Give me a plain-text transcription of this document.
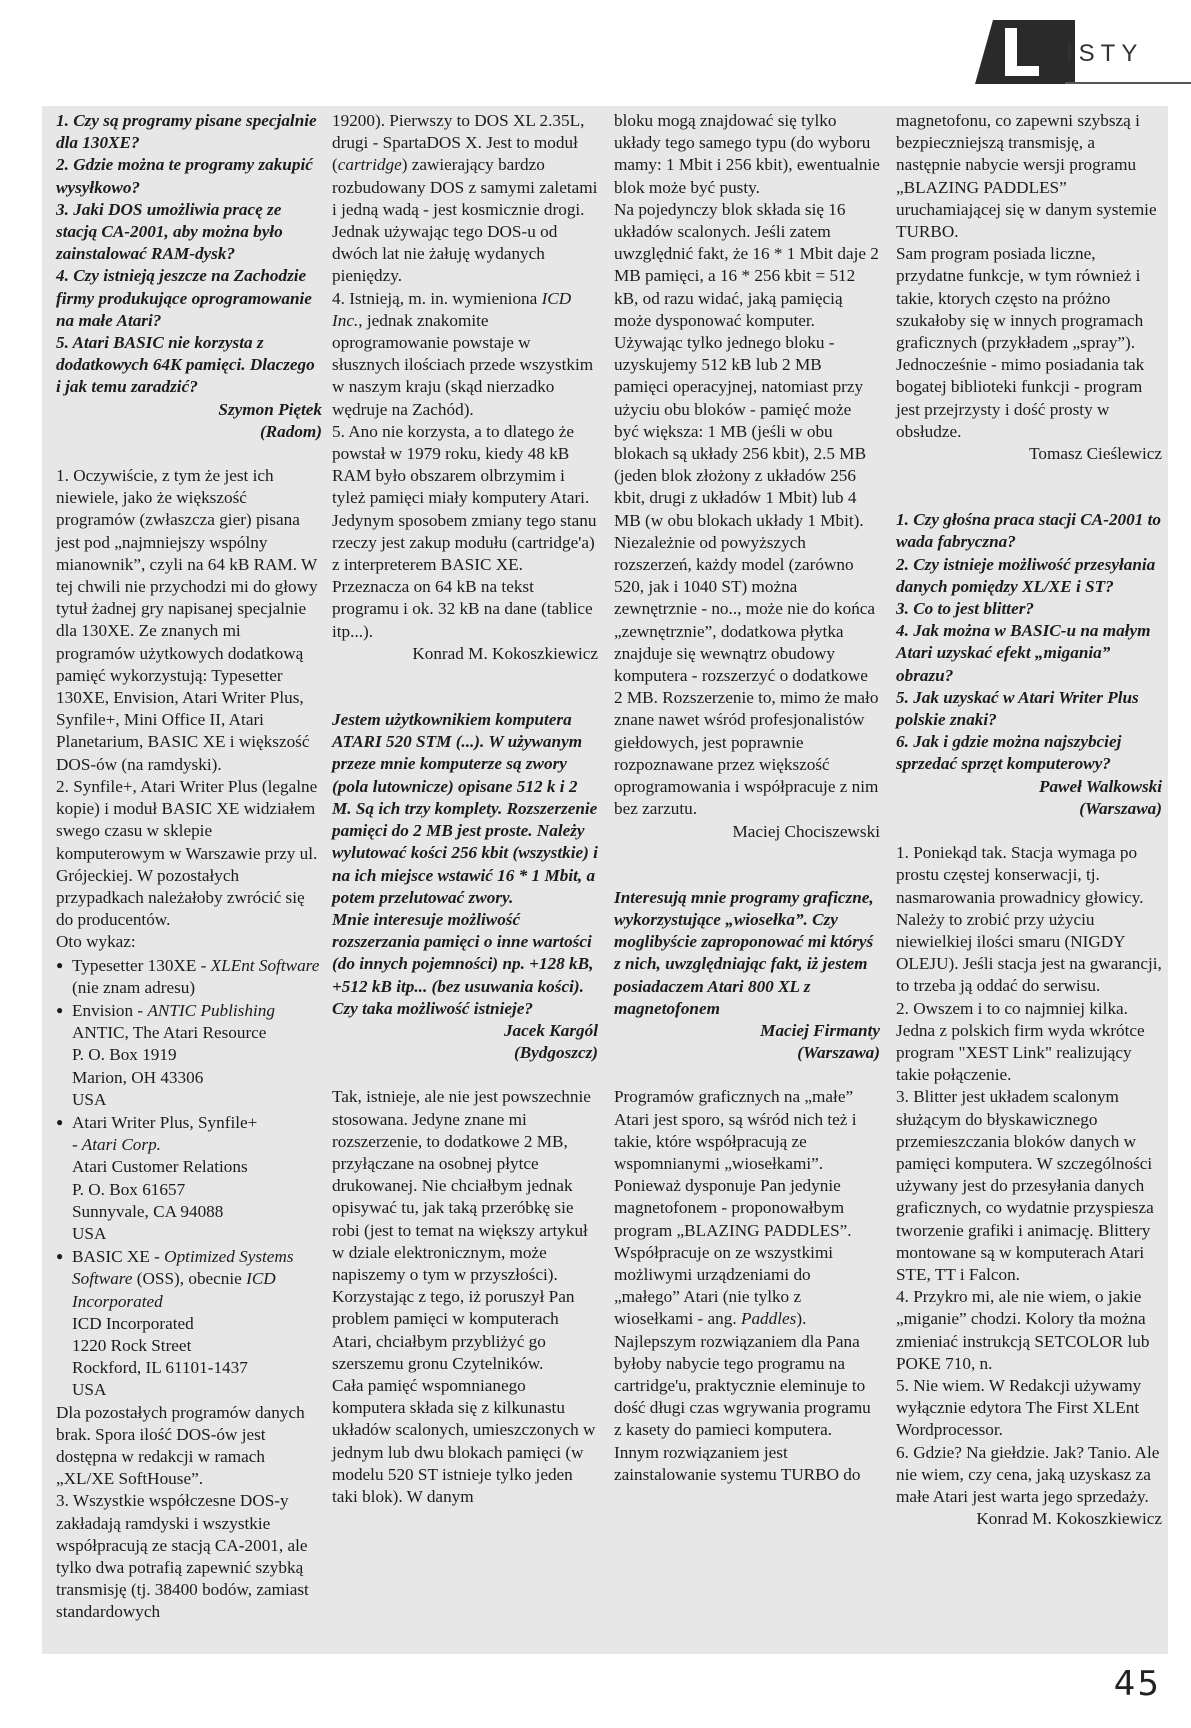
ISTY

1. Czy są programy pisane specjalnie dla 130XE?

2. Gdzie można te programy zakupić wysyłkowo?

3. Jaki DOS umożliwia pracę ze stacją CA-2001, aby można było zainstalować RAM-dysk?

4. Czy istnieją jeszcze na Zachodzie firmy produkujące oprogramowanie na małe Atari?

5. Atari BASIC nie korzysta z dodatkowych 64K pamięci. Dlaczego i jak temu zaradzić?

Szymon Piętek

(Radom)

1. Oczywiście, z tym że jest ich niewiele, jako że większość programów (zwłaszcza gier) pisana jest pod „najmniejszy wspólny mianownik”, czyli na 64 kB RAM. W tej chwili nie przychodzi mi do głowy tytuł żadnej gry napisanej specjalnie dla 130XE. Ze znanych mi programów użytkowych dodatkową pamięć wykorzystują: Typesetter 130XE, Envision, Atari Writer Plus, Synfile+, Mini Office II, Atari Planetarium, BASIC XE i większość DOS-ów (na ramdyski).

2. Synfile+, Atari Writer Plus (legalne kopie) i moduł BASIC XE widziałem swego czasu w sklepie komputerowym w Warszawie przy ul. Grójeckiej. W pozostałych przypadkach należałoby zwrócić się do producentów.

Oto wykaz:

● Typesetter 130XE - XLEnt Software (nie znam adresu)

● Envision - ANTIC Publishing

ANTIC, The Atari Resource

P. O. Box 1919

Marion, OH 43306

USA

● Atari Writer Plus, Synfile+

- Atari Corp.

Atari Customer Relations

P. O. Box 61657

Sunnyvale, CA 94088

USA

● BASIC XE - Optimized Systems Software (OSS), obecnie ICD Incorporated

ICD Incorporated

1220 Rock Street

Rockford, IL 61101-1437

USA

Dla pozostałych programów danych brak. Spora ilość DOS-ów jest dostępna w redakcji w ramach „XL/XE SoftHouse”.

3. Wszystkie współczesne DOS-y zakładają ramdyski i wszystkie współpracują ze stacją CA-2001, ale tylko dwa potrafią zapewnić szybką transmisję (tj. 38400 bodów, zamiast standardowych

19200). Pierwszy to DOS XL 2.35L, drugi - SpartaDOS X. Jest to moduł (cartridge) zawierający bardzo rozbudowany DOS z samymi zaletami i jedną wadą - jest kosmicznie drogi. Jednak używając tego DOS-u od dwóch lat nie żałuję wydanych pieniędzy.

4. Istnieją, m. in. wymieniona ICD Inc., jednak znakomite oprogramowanie powstaje w słusznych ilościach przede wszystkim w naszym kraju (skąd nierzadko wędruje na Zachód).

5. Ano nie korzysta, a to dlatego że powstał w 1979 roku, kiedy 48 kB RAM było obszarem olbrzymim i tyleż pamięci miały komputery Atari. Jedynym sposobem zmiany tego stanu rzeczy jest zakup modułu (cartridge'a) z interpreterem BASIC XE. Przeznacza on 64 kB na tekst programu i ok. 32 kB na dane (tablice itp...).

Konrad M. Kokoszkiewicz

Jestem użytkownikiem komputera ATARI 520 STM (...). W używanym przeze mnie komputerze są zwory (pola lutownicze) opisane 512 k i 2 M. Są ich trzy komplety. Rozszerzenie pamięci do 2 MB jest proste. Należy wylutować kości 256 kbit (wszystkie) i na ich miejsce wstawić 16 * 1 Mbit, a potem przelutować zwory.

Mnie interesuje możliwość rozszerzania pamięci o inne wartości (do innych pojemności) np. +128 kB, +512 kB itp... (bez usuwania kości). Czy taka możliwość istnieje?

Jacek Kargól

(Bydgoszcz)

Tak, istnieje, ale nie jest powszechnie stosowana. Jedyne znane mi rozszerzenie, to dodatkowe 2 MB, przyłączane na osobnej płytce drukowanej. Nie chciałbym jednak opisywać tu, jak taką przeróbkę sie robi (jest to temat na większy artykuł w dziale elektronicznym, może napiszemy o tym w przyszłości). Korzystając z tego, iż poruszył Pan problem pamięci w komputerach Atari, chciałbym przybliżyć go szerszemu gronu Czytelników.

Cała pamięć wspomnianego komputera składa się z kilkunastu układów scalonych, umieszczonych w jednym lub dwu blokach pamięci (w modelu 520 ST istnieje tylko jeden taki blok). W danym

bloku mogą znajdować się tylko układy tego samego typu (do wyboru mamy: 1 Mbit i 256 kbit), ewentualnie blok może być pusty.

Na pojedynczy blok składa się 16 układów scalonych. Jeśli zatem uwzględnić fakt, że 16 * 1 Mbit daje 2 MB pamięci, a 16 * 256 kbit = 512 kB, od razu widać, jaką pamięcią może dysponować komputer. Używając tylko jednego bloku - uzyskujemy 512 kB lub 2 MB pamięci operacyjnej, natomiast przy użyciu obu bloków - pamięć może być większa: 1 MB (jeśli w obu blokach są układy 256 kbit), 2.5 MB (jeden blok złożony z układów 256 kbit, drugi z układów 1 Mbit) lub 4 MB (w obu blokach układy 1 Mbit).

Niezależnie od powyższych rozszerzeń, każdy model (zarówno 520, jak i 1040 ST) można zewnętrznie - no.., może nie do końca „zewnętrznie”, dodatkowa płytka znajduje się wewnątrz obudowy komputera - rozszerzyć o dodatkowe 2 MB. Rozszerzenie to, mimo że mało znane nawet wśród profesjonalistów giełdowych, jest poprawnie rozpoznawane przez większość oprogramowania i współpracuje z nim bez zarzutu.

Maciej Chociszewski

Interesują mnie programy graficzne, wykorzystujące „wiosełka”. Czy moglibyście zaproponować mi któryś z nich, uwzględniając fakt, iż jestem posiadaczem Atari 800 XL z magnetofonem

Maciej Firmanty

(Warszawa)

Programów graficznych na „małe” Atari jest sporo, są wśród nich też i takie, które współpracują ze wspomnianymi „wiosełkami”. Ponieważ dysponuje Pan jedynie magnetofonem - proponowałbym program „BLAZING PADDLES”. Współpracuje on ze wszystkimi możliwymi urządzeniami do „małego” Atari (nie tylko z wiosełkami - ang. Paddles).

Najlepszym rozwiązaniem dla Pana byłoby nabycie tego programu na cartridge'u, praktycznie eleminuje to dość długi czas wgrywania programu z kasety do pamieci komputera.

Innym rozwiązaniem jest zainstalowanie systemu TURBO do

magnetofonu, co zapewni szybszą i bezpieczniejszą transmisję, a następnie nabycie wersji programu „BLAZING PADDLES” uruchamiającej się w danym systemie TURBO.

Sam program posiada liczne, przydatne funkcje, w tym również i takie, ktorych często na próżno szukałoby się w innych programach graficznych (przykładem „spray”). Jednocześnie - mimo posiadania tak bogatej biblioteki funkcji - program jest przejrzysty i dość prosty w obsłudze.

Tomasz Cieślewicz

1. Czy głośna praca stacji CA-2001 to wada fabryczna?

2. Czy istnieje możliwość przesyłania danych pomiędzy XL/XE i ST?

3. Co to jest blitter?

4. Jak można w BASIC-u na małym Atari uzyskać efekt „migania” obrazu?

5. Jak uzyskać w Atari Writer Plus polskie znaki?

6. Jak i gdzie można najszybciej sprzedać sprzęt komputerowy?

Paweł Walkowski

(Warszawa)

1. Poniekąd tak. Stacja wymaga po prostu częstej konserwacji, tj. nasmarowania prowadnicy głowicy. Należy to zrobić przy użyciu niewielkiej ilości smaru (NIGDY OLEJU). Jeśli stacja jest na gwarancji, to trzeba ją oddać do serwisu.

2. Owszem i to co najmniej kilka. Jedna z polskich firm wyda wkrótce program "XEST Link" realizujący takie połączenie.

3. Blitter jest układem scalonym służącym do błyskawicznego przemieszczania bloków danych w pamięci komputera. W szczególności używany jest do przesyłania danych graficznych, co wydatnie przyspiesza tworzenie grafiki i animację. Blittery montowane są w komputerach Atari STE, TT i Falcon.

4. Przykro mi, ale nie wiem, o jakie „miganie” chodzi. Kolory tła można zmieniać instrukcją SETCOLOR lub POKE 710, n.

5. Nie wiem. W Redakcji używamy wyłącznie edytora The First XLEnt Wordprocessor.

6. Gdzie? Na giełdzie. Jak? Tanio. Ale nie wiem, czy cena, jaką uzyskasz za małe Atari jest warta jego sprzedaży.

Konrad M. Kokoszkiewicz

45
